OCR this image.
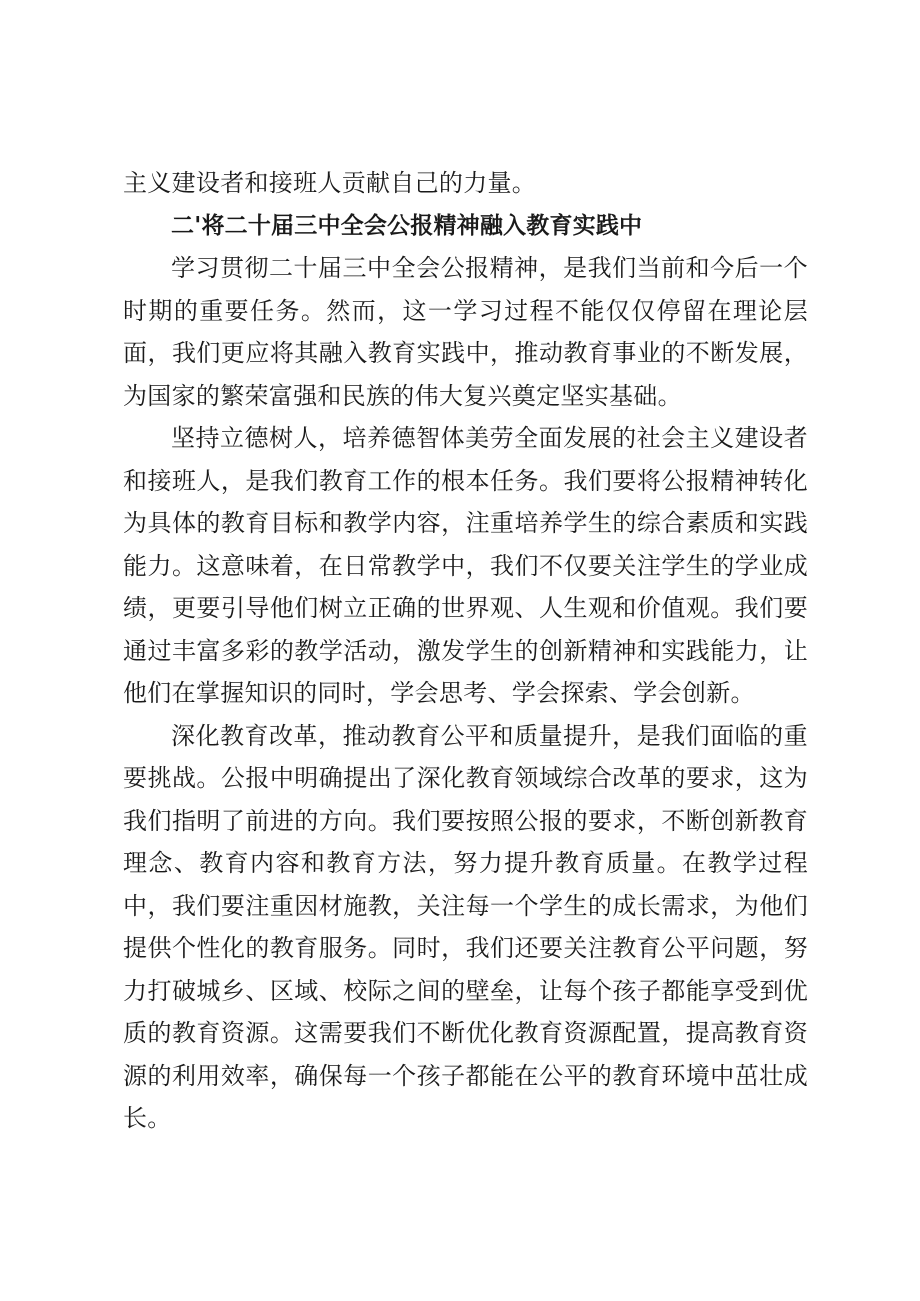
主义建设者和接班人贡献自己的力量。

二'将二十届三中全会公报精神融入教育实践中

学习贯彻二十届三中全会公报精神，是我们当前和今后一个时期的重要任务。然而，这一学习过程不能仅仅停留在理论层面，我们更应将其融入教育实践中，推动教育事业的不断发展，为国家的繁荣富强和民族的伟大复兴奠定坚实基础。

坚持立德树人，培养德智体美劳全面发展的社会主义建设者和接班人，是我们教育工作的根本任务。我们要将公报精神转化为具体的教育目标和教学内容，注重培养学生的综合素质和实践能力。这意味着，在日常教学中，我们不仅要关注学生的学业成绩，更要引导他们树立正确的世界观、人生观和价值观。我们要通过丰富多彩的教学活动，激发学生的创新精神和实践能力，让他们在掌握知识的同时，学会思考、学会探索、学会创新。

深化教育改革，推动教育公平和质量提升，是我们面临的重要挑战。公报中明确提出了深化教育领域综合改革的要求，这为我们指明了前进的方向。我们要按照公报的要求，不断创新教育理念、教育内容和教育方法，努力提升教育质量。在教学过程中，我们要注重因材施教，关注每一个学生的成长需求，为他们提供个性化的教育服务。同时，我们还要关注教育公平问题，努力打破城乡、区域、校际之间的壁垒，让每个孩子都能享受到优质的教育资源。这需要我们不断优化教育资源配置，提高教育资源的利用效率，确保每一个孩子都能在公平的教育环境中茁壮成长。
